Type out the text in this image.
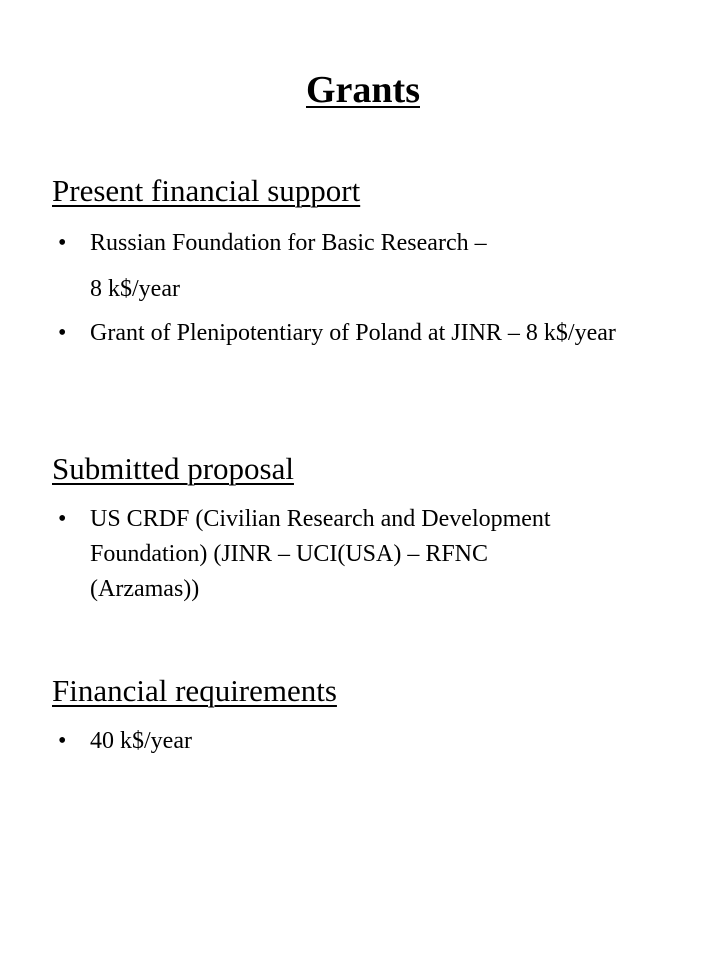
Grants
Present financial support
• Russian Foundation for Basic Research –
8 k$/year
• Grant of Plenipotentiary of Poland at JINR – 8 k$/year
Submitted proposal
• US CRDF (Civilian Research and Development Foundation) (JINR – UCI(USA) – RFNC (Arzamas))
Financial requirements
• 40 k$/year
